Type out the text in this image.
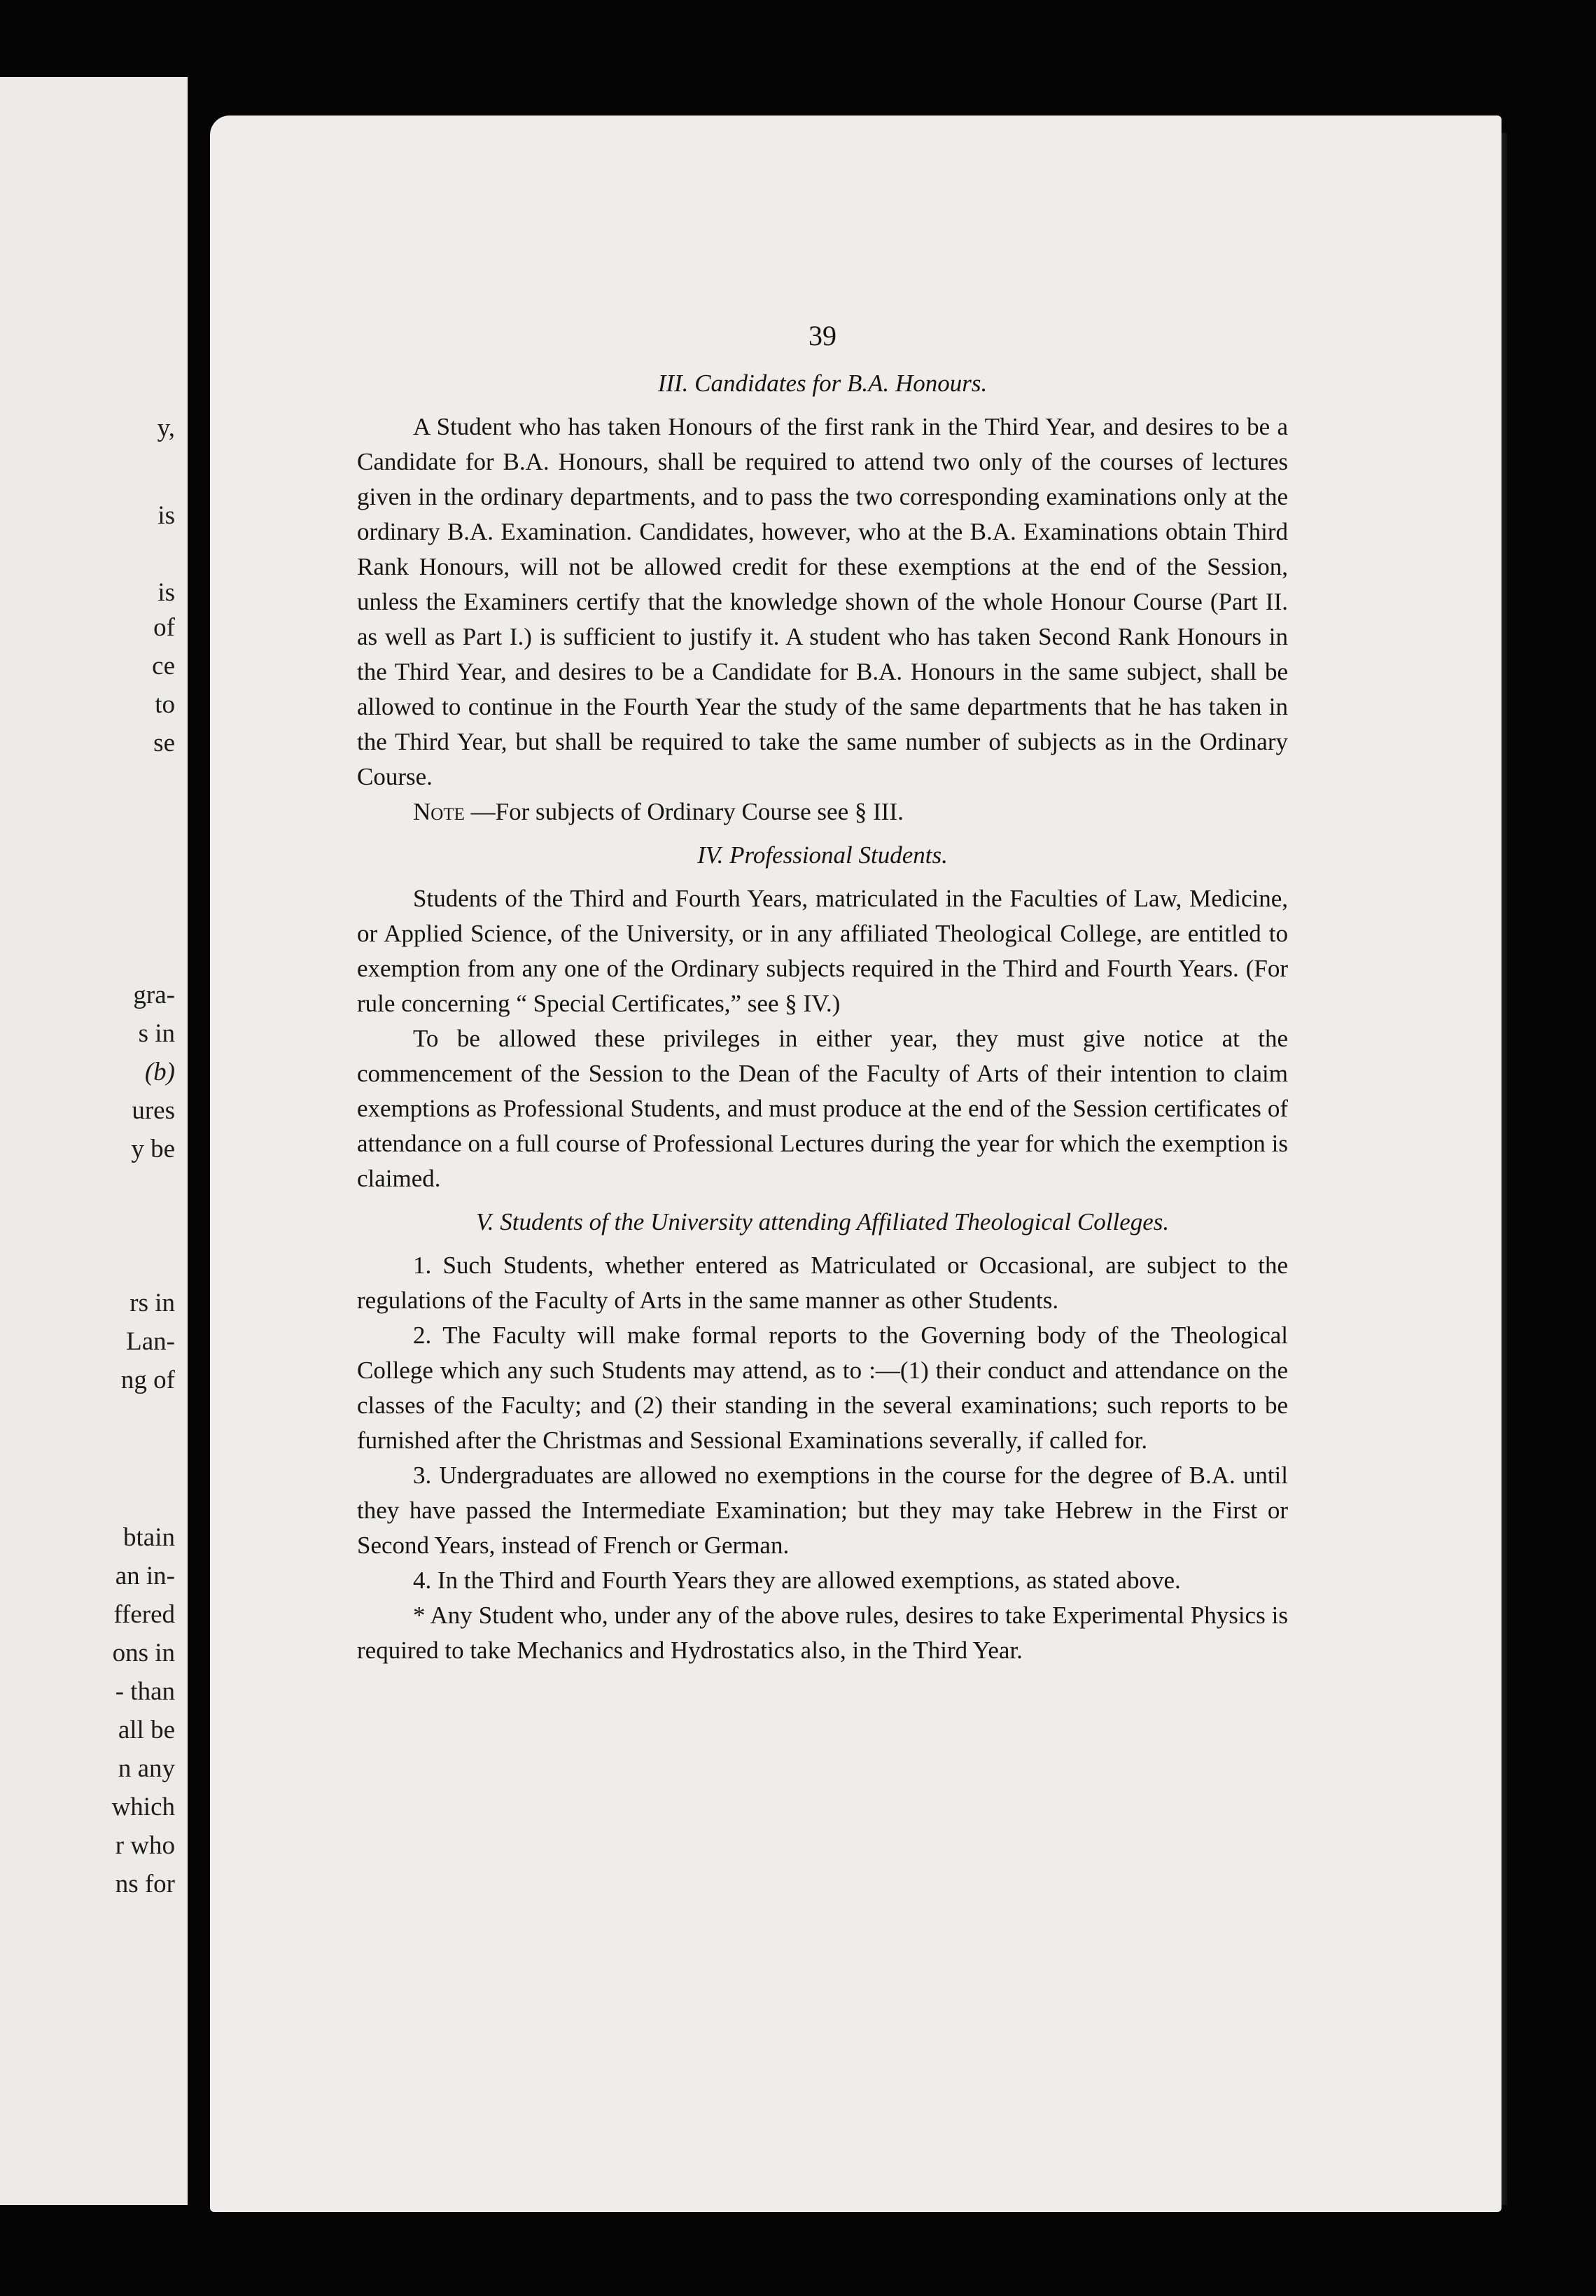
y,
is
is
of
ce
to
se
gra-
s in
(b)
ures
y be
rs in
Lan-
ng of
btain
an in-
ffered
ons in
- than
all be
n any
which
r who
ns for
39
III. Candidates for B.A. Honours.

A Student who has taken Honours of the first rank in the Third Year, and desires to be a Candidate for B.A. Honours, shall be required to attend two only of the courses of lectures given in the ordinary departments, and to pass the two corresponding examinations only at the ordinary B.A. Examination. Candidates, however, who at the B.A. Examinations obtain Third Rank Honours, will not be allowed credit for these exemptions at the end of the Session, unless the Examiners certify that the knowledge shown of the whole Honour Course (Part II. as well as Part I.) is sufficient to justify it. A student who has taken Second Rank Honours in the Third Year, and desires to be a Candidate for B.A. Honours in the same subject, shall be allowed to continue in the Fourth Year the study of the same departments that he has taken in the Third Year, but shall be required to take the same number of subjects as in the Ordinary Course.

Note —For subjects of Ordinary Course see § III.

IV. Professional Students.

Students of the Third and Fourth Years, matriculated in the Faculties of Law, Medicine, or Applied Science, of the University, or in any affiliated Theological College, are entitled to exemption from any one of the Ordinary subjects required in the Third and Fourth Years. (For rule concerning “ Special Certificates,” see § IV.)

To be allowed these privileges in either year, they must give notice at the commencement of the Session to the Dean of the Faculty of Arts of their intention to claim exemptions as Professional Students, and must produce at the end of the Session certificates of attendance on a full course of Professional Lectures during the year for which the exemption is claimed.

V. Students of the University attending Affiliated Theological Colleges.

1. Such Students, whether entered as Matriculated or Occasional, are subject to the regulations of the Faculty of Arts in the same manner as other Students.

2. The Faculty will make formal reports to the Governing body of the Theological College which any such Students may attend, as to :—(1) their conduct and attendance on the classes of the Faculty; and (2) their standing in the several examinations; such reports to be furnished after the Christmas and Sessional Examinations severally, if called for.

3. Undergraduates are allowed no exemptions in the course for the degree of B.A. until they have passed the Intermediate Examination; but they may take Hebrew in the First or Second Years, instead of French or German.

4. In the Third and Fourth Years they are allowed exemptions, as stated above.

* Any Student who, under any of the above rules, desires to take Experimental Physics is required to take Mechanics and Hydrostatics also, in the Third Year.
